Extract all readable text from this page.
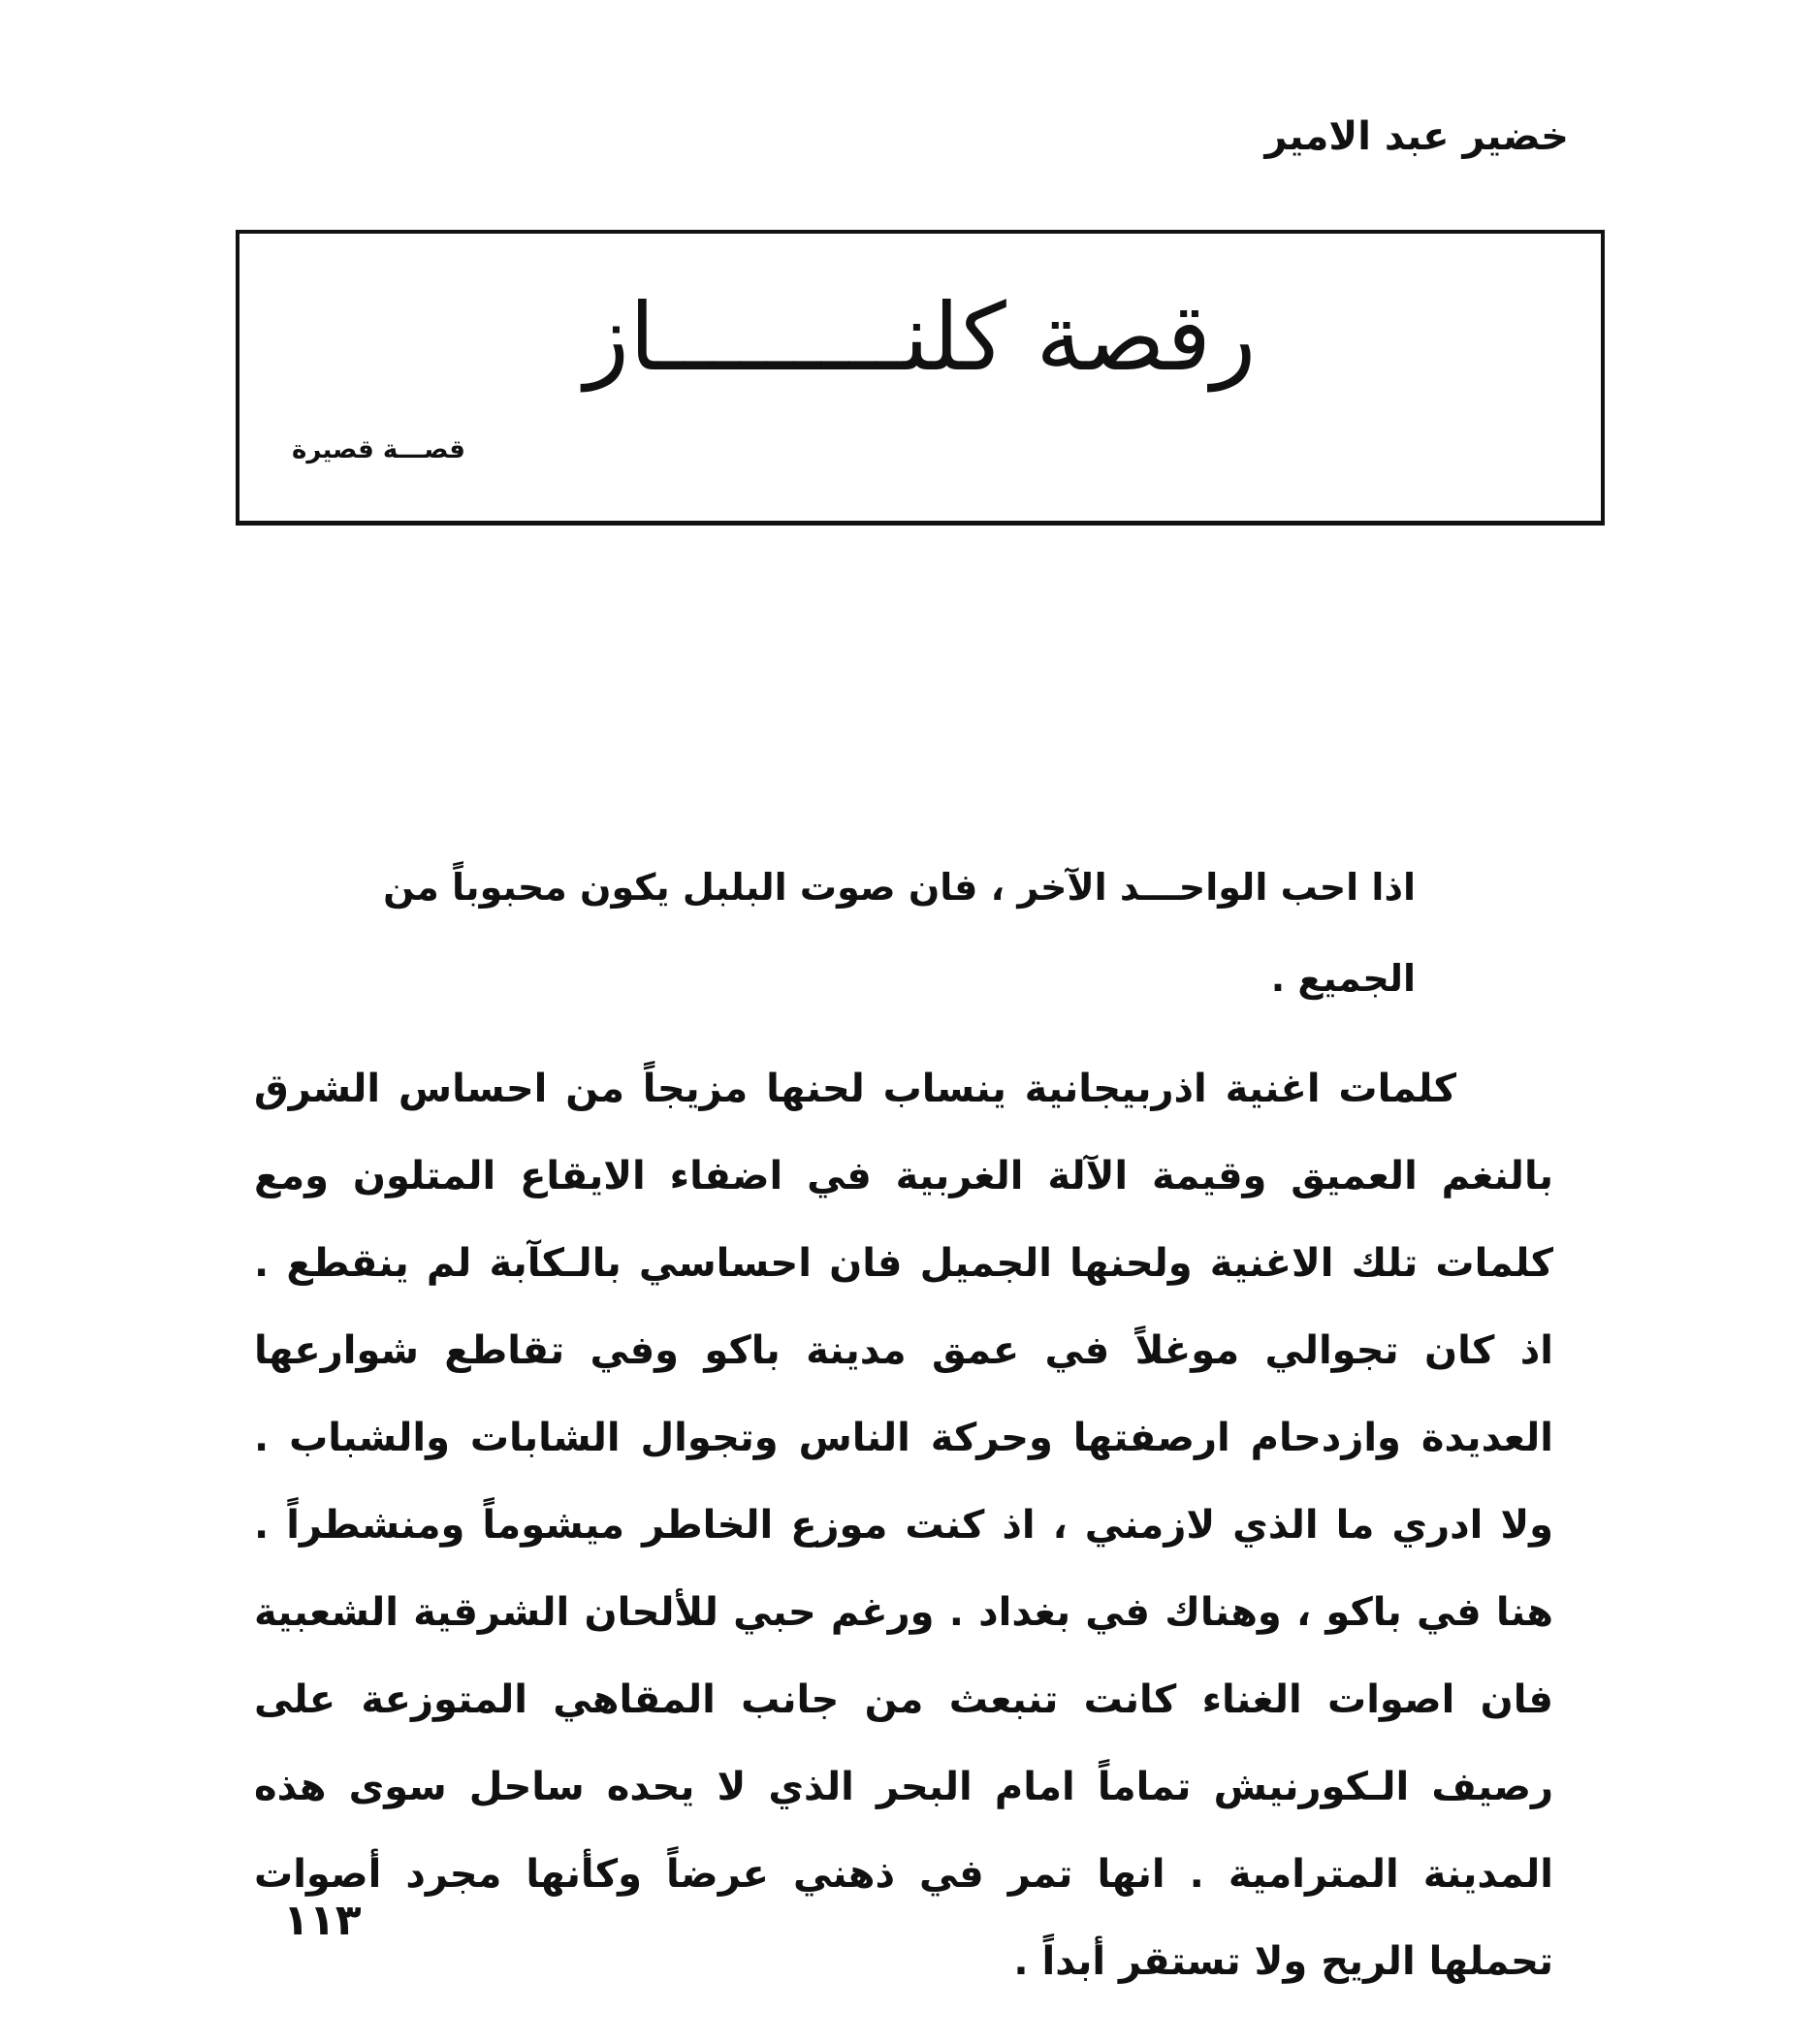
خضير عبد الامير
رقصة كلنـــــــــاز
قصـــة قصيرة

اذا احب الواحـــد الآخر ، فان صوت البلبل يكون محبوباً من الجميع .

كلمات اغنية اذربيجانية ينساب لحنها مزيجاً من احساس الشرق بالنغم العميق وقيمة الآلة الغربية في اضفاء الايقاع المتلون ومع كلمات تلك الاغنية ولحنها الجميل فان احساسي بالـكآبة لم ينقطع . اذ كان تجوالي موغلاً في عمق مدينة باكو وفي تقاطع شوارعها العديدة وازدحام ارصفتها وحركة الناس وتجوال الشابات والشباب . ولا ادري ما الذي لازمني ، اذ كنت موزع الخاطر ميشوماً ومنشطراً . هنا في باكو ، وهناك في بغداد . ورغم حبي للألحان الشرقية الشعبية فان اصوات الغناء كانت تنبعث من جانب المقاهي المتوزعة على رصيف الـكورنيش تماماً امام البحر الذي لا يحده ساحل سوى هذه المدينة المترامية . انها تمر في ذهني عرضاً وكأنها مجرد أصوات تحملها الريح ولا تستقر أبداً .

١١٣
